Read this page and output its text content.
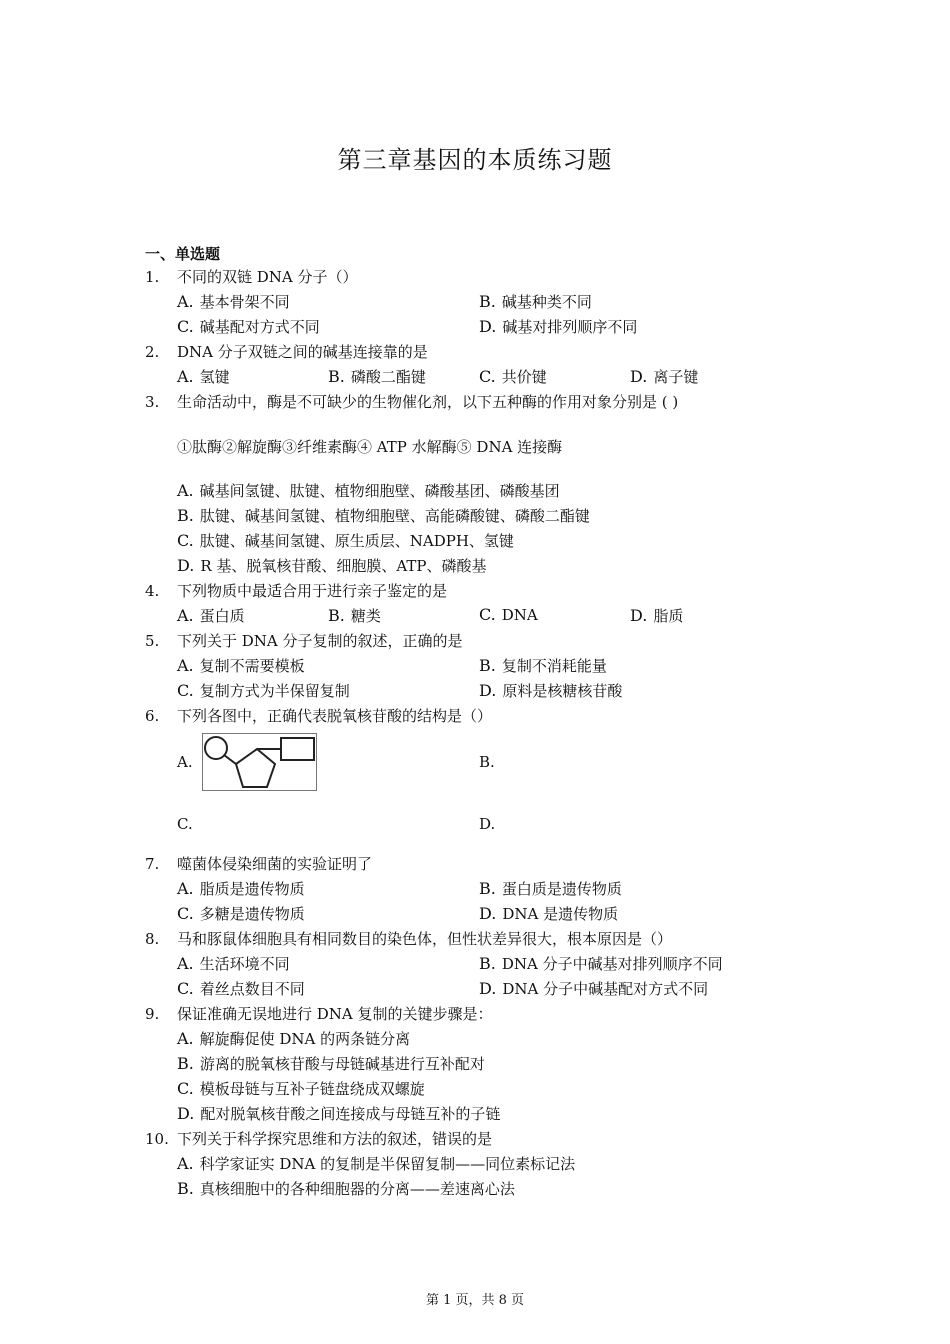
第三章基因的本质练习题
一、单选题
1. 不同的双链 DNA 分子（）
A. 基本骨架不同	B. 碱基种类不同
C. 碱基配对方式不同	D. 碱基对排列顺序不同
2. DNA 分子双链之间的碱基连接靠的是
A. 氢键	B. 磷酸二酯键	C. 共价键	D. 离子键
3. 生命活动中，酶是不可缺少的生物催化剂，以下五种酶的作用对象分别是 ( )
①肽酶②解旋酶③纤维素酶④ ATP 水解酶⑤ DNA 连接酶
A. 碱基间氢键、肽键、植物细胞壁、磷酸基团、磷酸基团
B. 肽键、碱基间氢键、植物细胞壁、高能磷酸键、磷酸二酯键
C. 肽键、碱基间氢键、原生质层、NADPH、氢键
D. R 基、脱氧核苷酸、细胞膜、ATP、磷酸基
4. 下列物质中最适合用于进行亲子鉴定的是
A. 蛋白质	B. 糖类	C. DNA	D. 脂质
5. 下列关于 DNA 分子复制的叙述，正确的是
A. 复制不需要模板	B. 复制不消耗能量
C. 复制方式为半保留复制	D. 原料是核糖核苷酸
6. 下列各图中，正确代表脱氧核苷酸的结构是（）
A.	B.
C.	D.
7. 噬菌体侵染细菌的实验证明了
A. 脂质是遗传物质	B. 蛋白质是遗传物质
C. 多糖是遗传物质	D. DNA 是遗传物质
8. 马和豚鼠体细胞具有相同数目的染色体，但性状差异很大，根本原因是（）
A. 生活环境不同	B. DNA 分子中碱基对排列顺序不同
C. 着丝点数目不同	D. DNA 分子中碱基配对方式不同
9. 保证准确无误地进行 DNA 复制的关键步骤是：
A. 解旋酶促使 DNA 的两条链分离
B. 游离的脱氧核苷酸与母链碱基进行互补配对
C. 模板母链与互补子链盘绕成双螺旋
D. 配对脱氧核苷酸之间连接成与母链互补的子链
10. 下列关于科学探究思维和方法的叙述，错误的是
A. 科学家证实 DNA 的复制是半保留复制——同位素标记法
B. 真核细胞中的各种细胞器的分离——差速离心法
第 1 页，共 8 页
